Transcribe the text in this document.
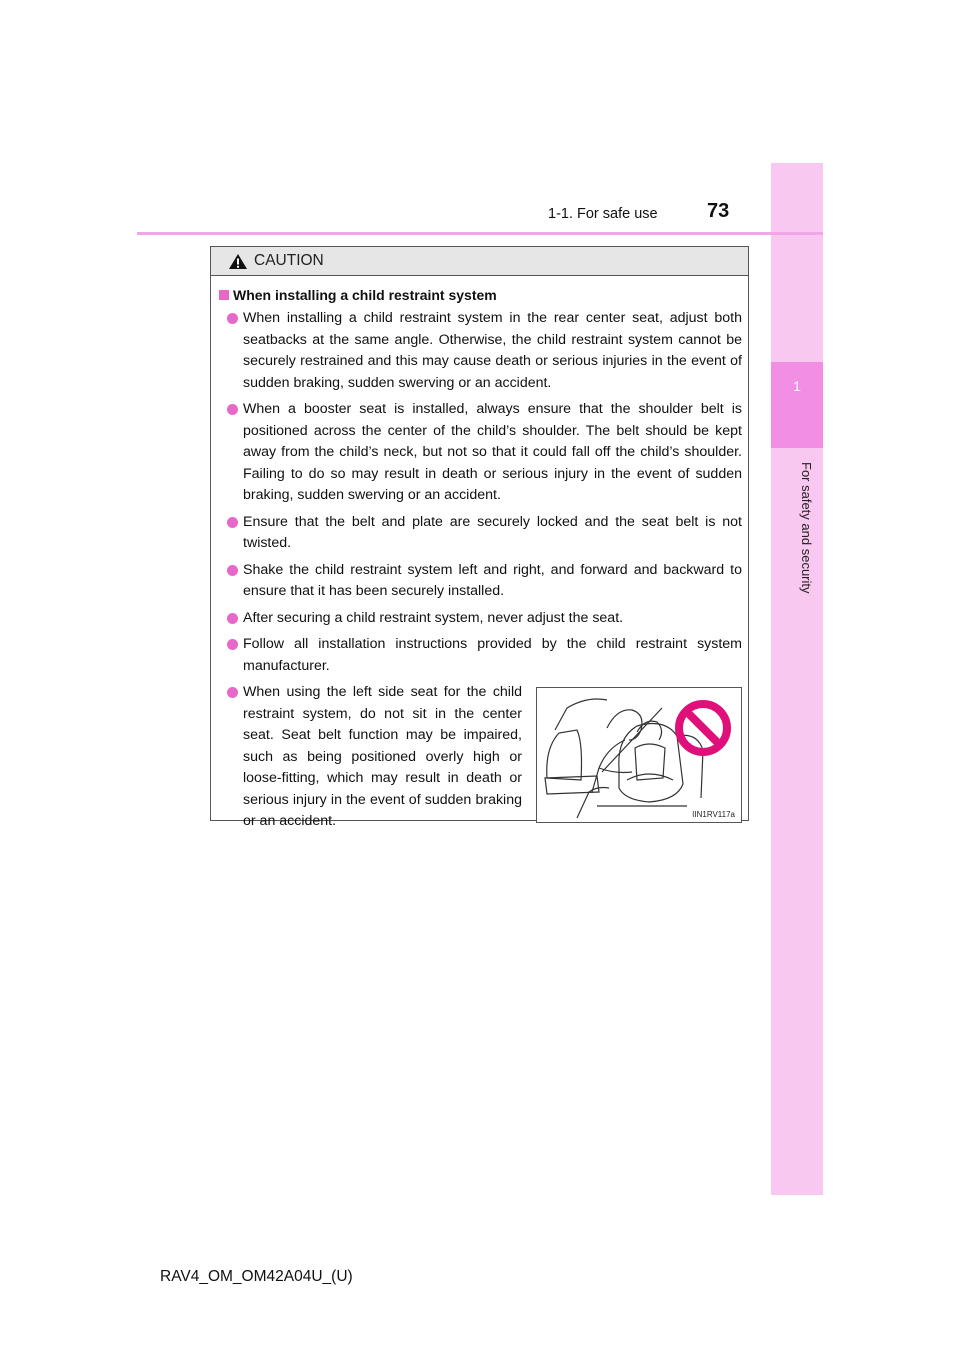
1
For safety and security
1-1. For safe use 73
CAUTION
When installing a child restraint system
When installing a child restraint system in the rear center seat, adjust both seatbacks at the same angle. Otherwise, the child restraint system cannot be securely restrained and this may cause death or serious injuries in the event of sudden braking, sudden swerving or an accident.
When a booster seat is installed, always ensure that the shoulder belt is positioned across the center of the child’s shoulder. The belt should be kept away from the child’s neck, but not so that it could fall off the child’s shoulder. Failing to do so may result in death or serious injury in the event of sudden braking, sudden swerving or an accident.
Ensure that the belt and plate are securely locked and the seat belt is not twisted.
Shake the child restraint system left and right, and forward and backward to ensure that it has been securely installed.
After securing a child restraint system, never adjust the seat.
Follow all installation instructions provided by the child restraint system manufacturer.
When using the left side seat for the child restraint system, do not sit in the center seat. Seat belt function may be impaired, such as being positioned overly high or loose-fitting, which may result in death or serious injury in the event of sudden braking or an accident.	IIN1RV117a
RAV4_OM_OM42A04U_(U)
